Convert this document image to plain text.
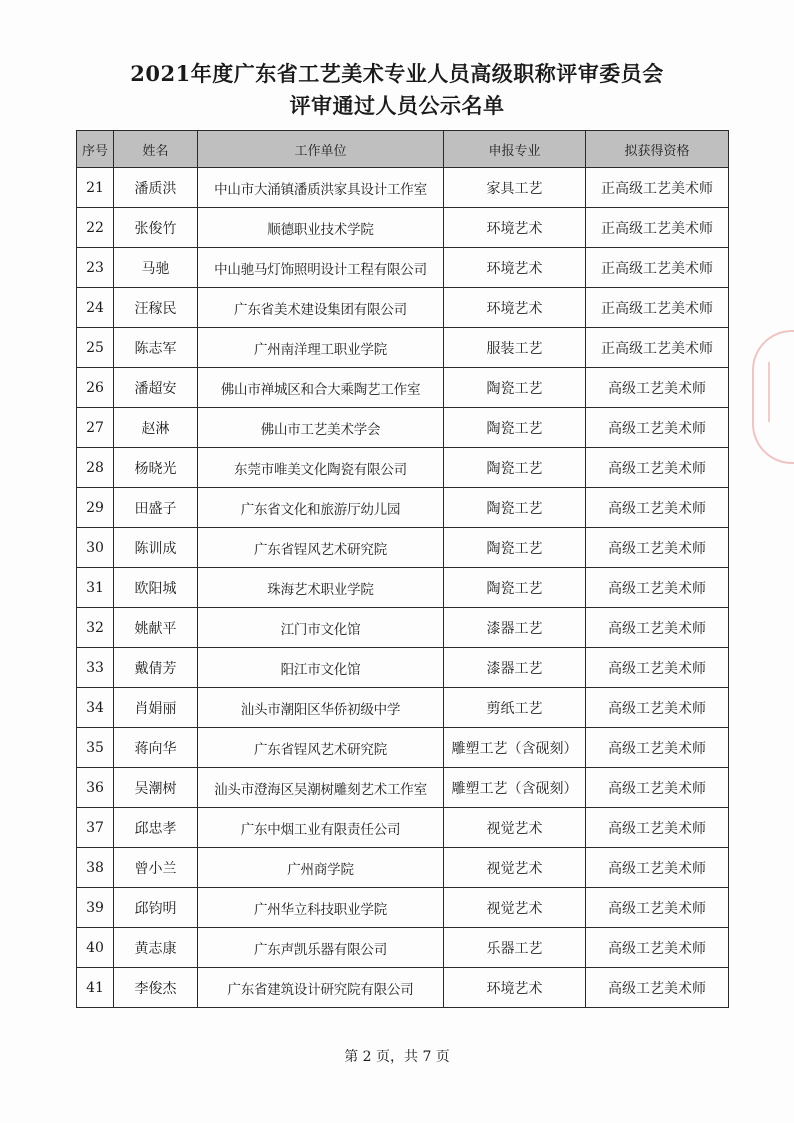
2021年度广东省工艺美术专业人员高级职称评审委员会
评审通过人员公示名单
序号	姓名	工作单位	申报专业	拟获得资格
21	潘质洪	中山市大涌镇潘质洪家具设计工作室	家具工艺	正高级工艺美术师
22	张俊竹	顺德职业技术学院	环境艺术	正高级工艺美术师
23	马驰	中山驰马灯饰照明设计工程有限公司	环境艺术	正高级工艺美术师
24	汪稼民	广东省美术建设集团有限公司	环境艺术	正高级工艺美术师
25	陈志军	广州南洋理工职业学院	服装工艺	正高级工艺美术师
26	潘超安	佛山市禅城区和合大乘陶艺工作室	陶瓷工艺	高级工艺美术师
27	赵淋	佛山市工艺美术学会	陶瓷工艺	高级工艺美术师
28	杨晓光	东莞市唯美文化陶瓷有限公司	陶瓷工艺	高级工艺美术师
29	田盛子	广东省文化和旅游厅幼儿园	陶瓷工艺	高级工艺美术师
30	陈训成	广东省锃风艺术研究院	陶瓷工艺	高级工艺美术师
31	欧阳城	珠海艺术职业学院	陶瓷工艺	高级工艺美术师
32	姚献平	江门市文化馆	漆器工艺	高级工艺美术师
33	戴倩芳	阳江市文化馆	漆器工艺	高级工艺美术师
34	肖娟丽	汕头市潮阳区华侨初级中学	剪纸工艺	高级工艺美术师
35	蒋向华	广东省锃风艺术研究院	雕塑工艺（含砚刻）	高级工艺美术师
36	吴潮树	汕头市澄海区吴潮树雕刻艺术工作室	雕塑工艺（含砚刻）	高级工艺美术师
37	邱忠孝	广东中烟工业有限责任公司	视觉艺术	高级工艺美术师
38	曾小兰	广州商学院	视觉艺术	高级工艺美术师
39	邱钧明	广州华立科技职业学院	视觉艺术	高级工艺美术师
40	黄志康	广东声凯乐器有限公司	乐器工艺	高级工艺美术师
41	李俊杰	广东省建筑设计研究院有限公司	环境艺术	高级工艺美术师
第 2 页，共 7 页
